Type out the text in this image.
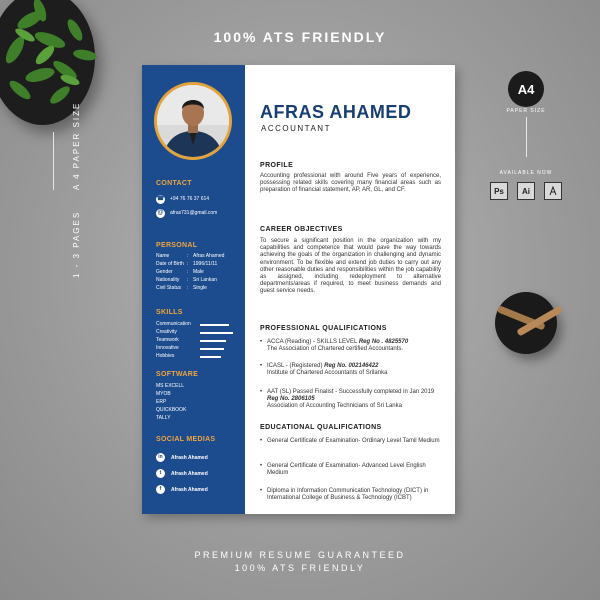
100% ATS FRIENDLY
PREMIUM RESUME GUARANTEED
100% ATS FRIENDLY
1 - 3 PAGES
A 4 PAPER SIZE
A4
PAPER SIZE
AVAILABLE NOW
Ps	Ai
CONTACT
☎ +94 76 76 37 614
@	afras731@gmail.com
PERSONAL
Name	: Afras Ahamed
Date of Birth : 1996/11/11
Gender	: Male
Nationality : Sri Lankan
Civil Status : Single
SKILLS
Communication
Creativity
Teamwork
Innovative
Hobbies
SOFTWARE
MS EXCELL
MYOB
ERP
QUICKBOOK
TALLY
SOCIAL MEDIAS
in Afrash Ahamed
t Afrash Ahamed
f Afrash Ahamed
AFRAS AHAMED
ACCOUNTANT
PROFILE
Accounting professional with around Five years of experience, possessing related skills covering many financial areas such as preparation of financial statement, AP, AR, GL, and CF.
CAREER OBJECTIVES
To secure a significant position in the organization with my capabilities and competence that would pave the way towards achieving the goals of the organization in challenging and dynamic environment. To be flexible and extend job duties to carry out any other reasonable duties and responsibilities within the job capability as assigned, including redeployment to alternative departments/areas if required, to meet business demands and guest service needs.
PROFESSIONAL QUALIFICATIONS
• ACCA (Reading) - SKILLS LEVEL Reg No . 4825570
The Association of Chartered certified Accountants.
• ICASL - (Registered) Reg No. 002146422
Institute of Chartered Accountants of Srilanka
• AAT (SL) Passed Finalist - Successfully completed in Jan 2019 Reg No. 2806105
Association of Accounting Technicians of Sri Lanka
EDUCATIONAL QUALIFICATIONS
• General Certificate of Examination- Ordinary Level Tamil Medium
• General Certificate of Examination- Advanced Level English Medium
• Diploma in Information Communication Technology (DICT) in International College of Business & Technology (ICBT)
